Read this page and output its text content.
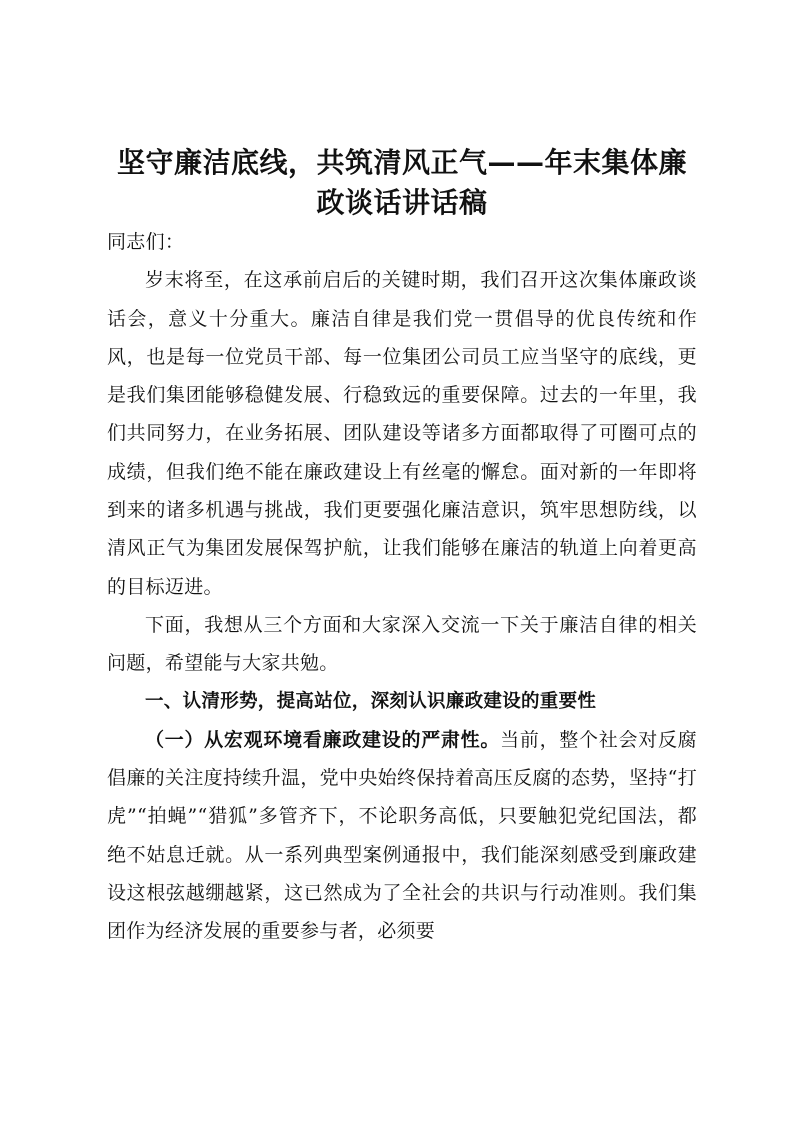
坚守廉洁底线，共筑清风正气——年末集体廉政谈话讲话稿

同志们：

岁末将至，在这承前启后的关键时期，我们召开这次集体廉政谈话会，意义十分重大。廉洁自律是我们党一贯倡导的优良传统和作风，也是每一位党员干部、每一位集团公司员工应当坚守的底线，更是我们集团能够稳健发展、行稳致远的重要保障。过去的一年里，我们共同努力，在业务拓展、团队建设等诸多方面都取得了可圈可点的成绩，但我们绝不能在廉政建设上有丝毫的懈怠。面对新的一年即将到来的诸多机遇与挑战，我们更要强化廉洁意识，筑牢思想防线，以清风正气为集团发展保驾护航，让我们能够在廉洁的轨道上向着更高的目标迈进。

下面，我想从三个方面和大家深入交流一下关于廉洁自律的相关问题，希望能与大家共勉。

一、认清形势，提高站位，深刻认识廉政建设的重要性

（一）从宏观环境看廉政建设的严肃性。当前，整个社会对反腐倡廉的关注度持续升温，党中央始终保持着高压反腐的态势，坚持“打虎”“拍蝇”“猎狐”多管齐下，不论职务高低，只要触犯党纪国法，都绝不姑息迁就。从一系列典型案例通报中，我们能深刻感受到廉政建设这根弦越绷越紧，这已然成为了全社会的共识与行动准则。我们集团作为经济发展的重要参与者，必须要
